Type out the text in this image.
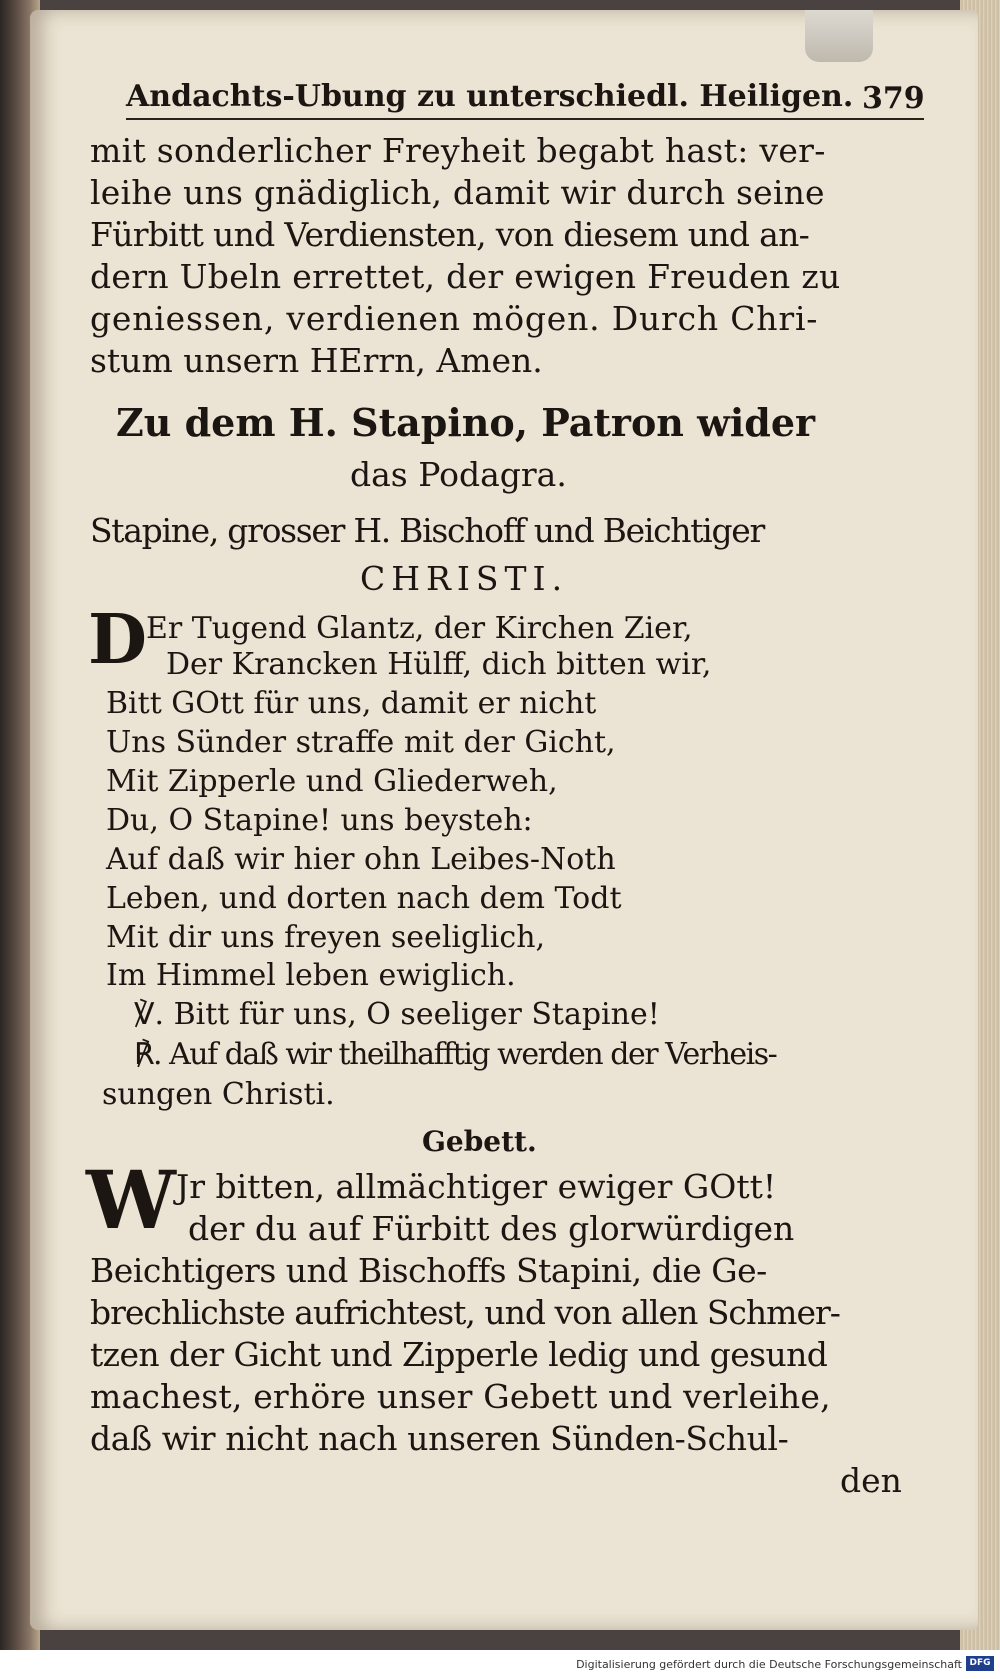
Andachts-Ubung zu unterschiedl. Heiligen. 379
mit sonderlicher Freyheit begabt hast: ver-
leihe uns gnädiglich, damit wir durch seine
Fürbitt und Verdiensten, von diesem und an-
dern Ubeln errettet, der ewigen Freuden zu
geniessen, verdienen mögen. Durch Chri-
stum unsern HErrn, Amen.
Zu dem H. Stapino, Patron wider
das Podagra.
Stapine, grosser H. Bischoff und Beichtiger
CHRISTI.
D Er Tugend Glantz, der Kirchen Zier,
Der Krancken Hülff, dich bitten wir,
Bitt GOtt für uns, damit er nicht
Uns Sünder straffe mit der Gicht,
Mit Zipperle und Gliederweh,
Du, O Stapine! uns beysteh:
Auf daß wir hier ohn Leibes-Noth
Leben, und dorten nach dem Todt
Mit dir uns freyen seeliglich,
Im Himmel leben ewiglich.
℣. Bitt für uns, O seeliger Stapine!
℟. Auf daß wir theilhafftig werden der Verheis-
sungen Christi.
Gebett.
W Jr bitten, allmächtiger ewiger GOtt!
der du auf Fürbitt des glorwürdigen
Beichtigers und Bischoffs Stapini, die Ge-
brechlichste aufrichtest, und von allen Schmer-
tzen der Gicht und Zipperle ledig und gesund
machest, erhöre unser Gebett und verleihe,
daß wir nicht nach unseren Sünden-Schul-
den
Digitalisierung gefördert durch die Deutsche Forschungsgemeinschaft DFG
